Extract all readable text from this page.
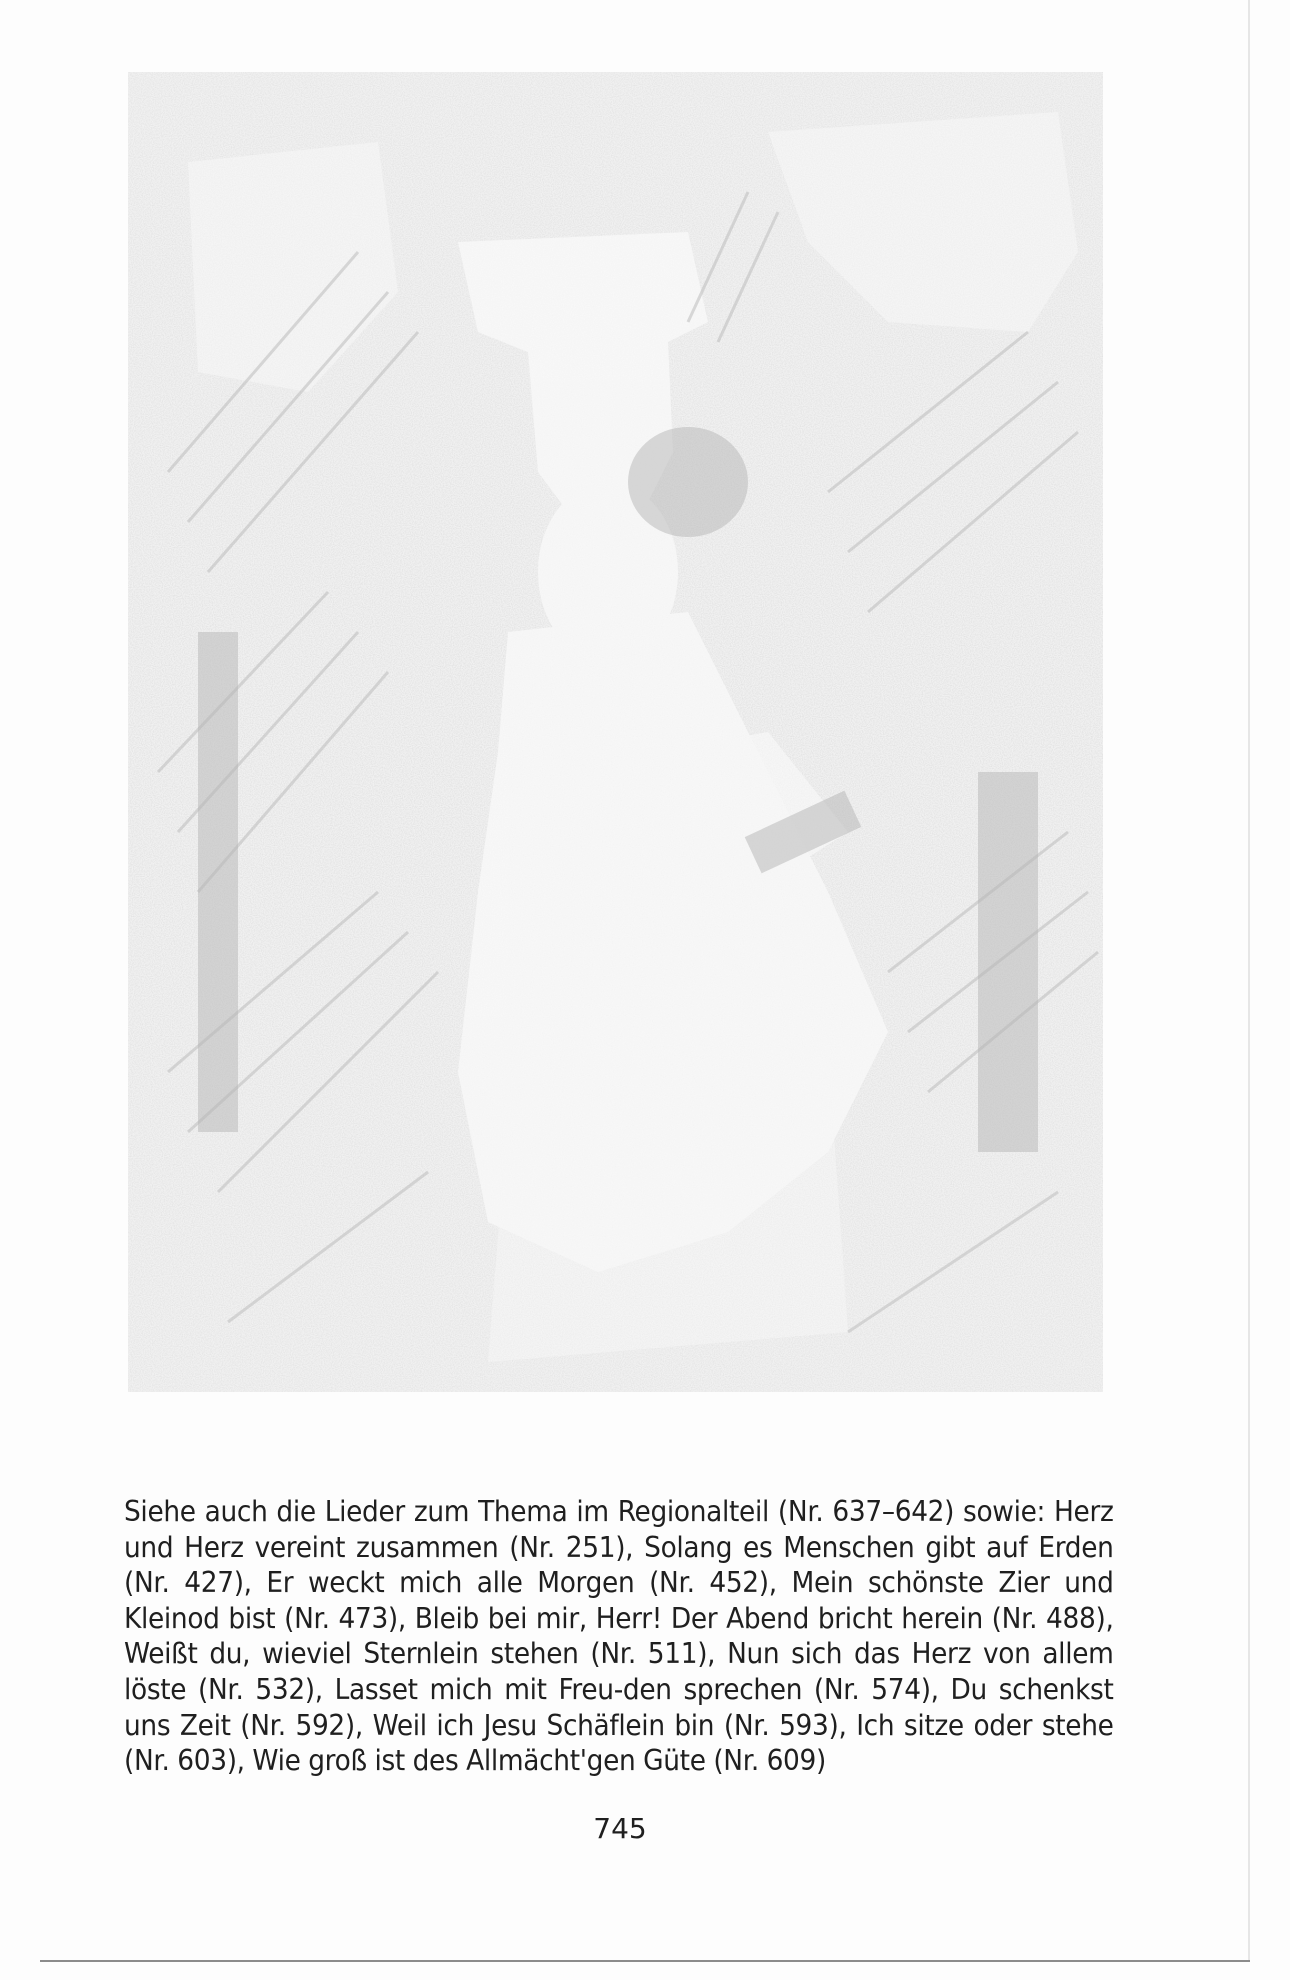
Siehe auch die Lieder zum Thema im Regionalteil (Nr. 637–642) sowie: Herz und Herz vereint zusammen (Nr. 251), Solang es Menschen gibt auf Erden (Nr. 427), Er weckt mich alle Morgen (Nr. 452), Mein schönste Zier und Kleinod bist (Nr. 473), Bleib bei mir, Herr! Der Abend bricht herein (Nr. 488), Weißt du, wieviel Sternlein stehen (Nr. 511), Nun sich das Herz von allem löste (Nr. 532), Lasset mich mit Freu-den sprechen (Nr. 574), Du schenkst uns Zeit (Nr. 592), Weil ich Jesu Schäflein bin (Nr. 593), Ich sitze oder stehe (Nr. 603), Wie groß ist des Allmächt'gen Güte (Nr. 609)

745
